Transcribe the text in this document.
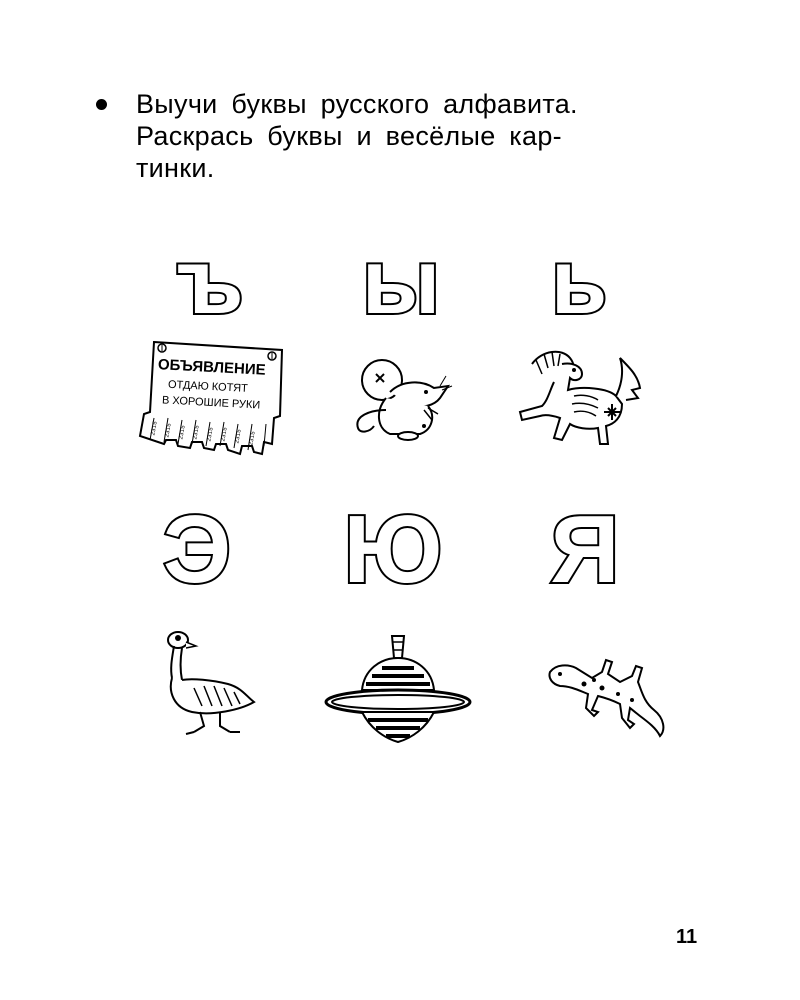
Выучи буквы русского алфавита.
Раскрась буквы и весёлые кар-
тинки.
ъ ы ь
ОБЪЯВЛЕНИЕ
ОТДАЮ КОТЯТ
В ХОРОШИЕ РУКИ
2315 2315 2315 2315 2315 2315 2315 2315
Э Ю Я
11
